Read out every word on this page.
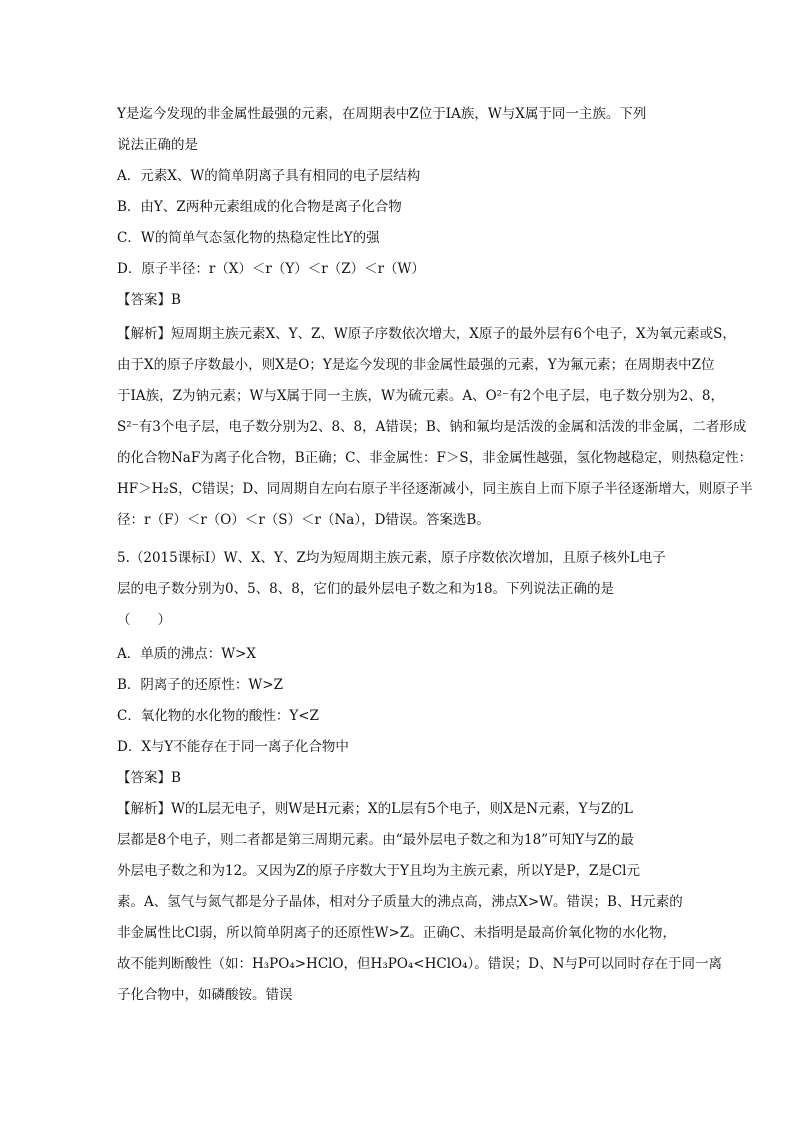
Y是迄今发现的非金属性最强的元素，在周期表中Z位于ⅠA族，W与X属于同一主族。下列
说法正确的是
A．元素X、W的简单阴离子具有相同的电子层结构
B．由Y、Z两种元素组成的化合物是离子化合物
C．W的简单气态氢化物的热稳定性比Y的强
D．原子半径：r（X）＜r（Y）＜r（Z）＜r（W）
【答案】B
【解析】短周期主族元素X、Y、Z、W原子序数依次增大，X原子的最外层有6个电子，X为氧元素或S，
由于X的原子序数最小，则X是O；Y是迄今发现的非金属性最强的元素，Y为氟元素；在周期表中Z位
于ⅠA族，Z为钠元素；W与X属于同一主族，W为硫元素。A、O²⁻有2个电子层，电子数分别为2、8，
S²⁻有3个电子层，电子数分别为2、8、8，A错误；B、钠和氟均是活泼的金属和活泼的非金属，二者形成
的化合物NaF为离子化合物，B正确；C、非金属性：F＞S，非金属性越强，氢化物越稳定，则热稳定性：
HF＞H₂S，C错误；D、同周期自左向右原子半径逐渐减小，同主族自上而下原子半径逐渐增大，则原子半
径：r（F）＜r（O）＜r（S）＜r（Na），D错误。答案选B。
5.（2015课标Ⅰ）W、X、Y、Z均为短周期主族元素，原子序数依次增加，且原子核外L电子
层的电子数分别为0、5、8、8，它们的最外层电子数之和为18。下列说法正确的是
（　　）
A．单质的沸点：W>X
B．阴离子的还原性：W>Z
C．氧化物的水化物的酸性：Y<Z
D．X与Y不能存在于同一离子化合物中
【答案】B
【解析】W的L层无电子，则W是H元素；X的L层有5个电子，则X是N元素，Y与Z的L
层都是8个电子，则二者都是第三周期元素。由“最外层电子数之和为18”可知Y与Z的最
外层电子数之和为12。又因为Z的原子序数大于Y且均为主族元素，所以Y是P，Z是Cl元
素。A、氢气与氮气都是分子晶体，相对分子质量大的沸点高，沸点X>W。错误；B、H元素的
非金属性比Cl弱，所以简单阴离子的还原性W>Z。正确C、未指明是最高价氧化物的水化物，
故不能判断酸性（如：H₃PO₄>HClO，但H₃PO₄<HClO₄）。错误；D、N与P可以同时存在于同一离
子化合物中，如磷酸铵。错误
